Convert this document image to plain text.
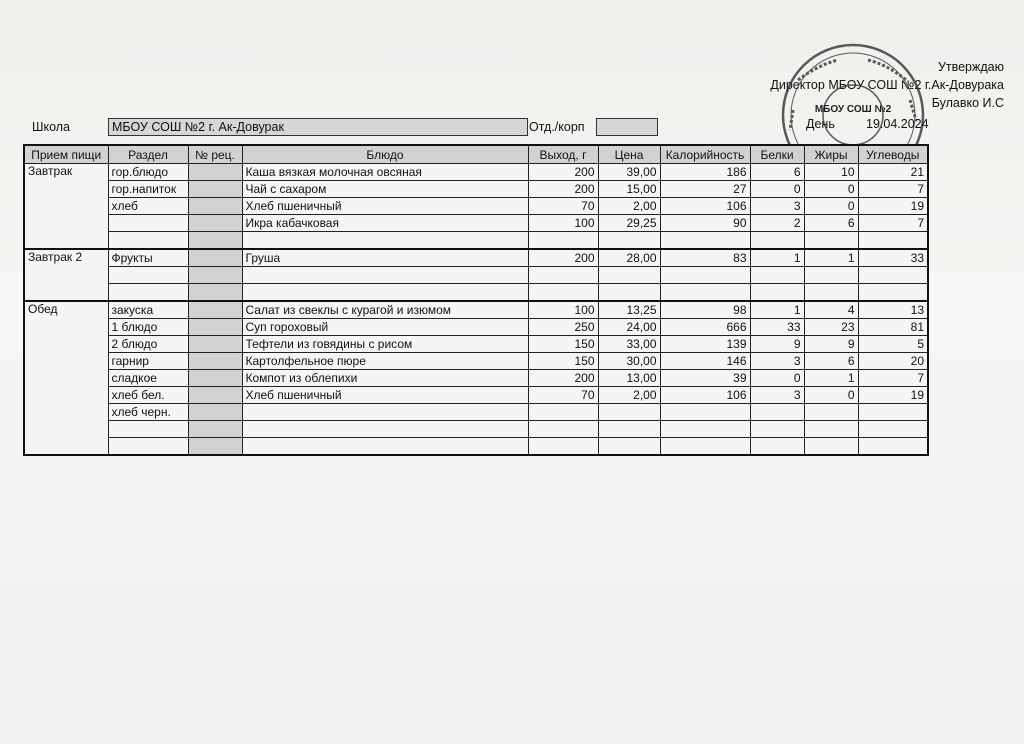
Утверждаю
Директор МБОУ СОШ №2 г.Ак-Довурака
Булавко И.С
МБОУ СОШ №2
Школа	МБОУ СОШ №2 г. Ак-Довурак	Отд./корп	День 19.04.2024
Прием пищи	Раздел	№ рец.	Блюдо	Выход, г	Цена	Калорийность	Белки	Жиры	Углеводы
Завтрак	гор.блюдо		Каша вязкая молочная овсяная	200	39,00	186	6	10	21
	гор.напиток		Чай с сахаром	200	15,00	27	0	0	7
	хлеб		Хлеб пшеничный	70	2,00	106	3	0	19
			Икра кабачковая	100	29,25	90	2	6	7

Завтрак 2	Фрукты		Груша	200	28,00	83	1	1	33

Обед	закуска		Салат из свеклы с курагой и изюмом	100	13,25	98	1	4	13
	1 блюдо		Суп гороховый	250	24,00	666	33	23	81
	2 блюдо		Тефтели из говядины с рисом	150	33,00	139	9	9	5
	гарнир		Картолфельное пюре	150	30,00	146	3	6	20
	сладкое		Компот из облепихи	200	13,00	39	0	1	7
	хлеб бел.		Хлеб пшеничный	70	2,00	106	3	0	19
	хлеб черн.								
